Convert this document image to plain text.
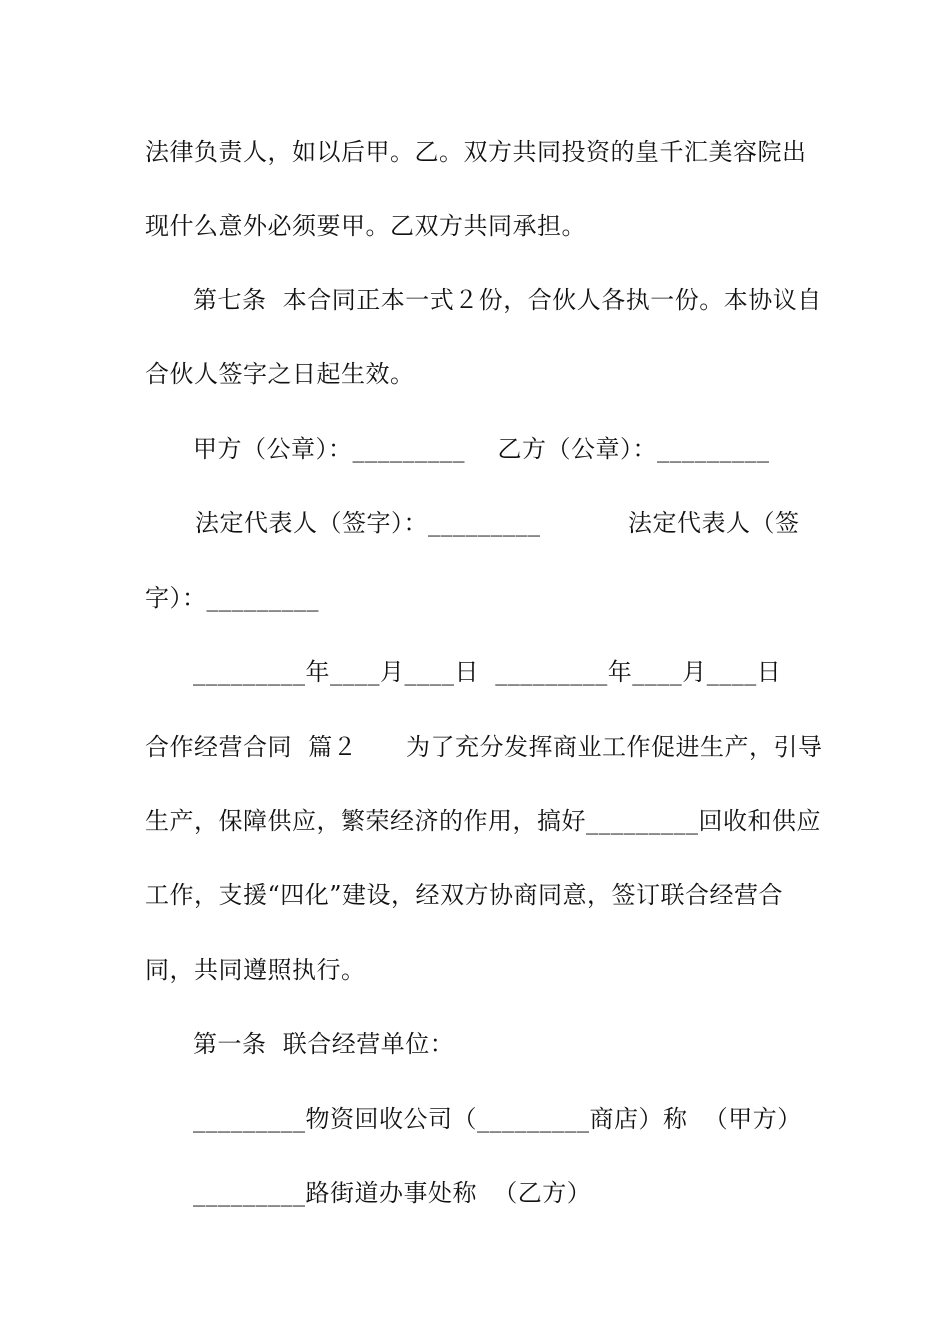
法律负责人，如以后甲。乙。双方共同投资的皇千汇美容院出
现什么意外必须要甲。乙双方共同承担。
第七条  本合同正本一式２份，合伙人各执一份。本协议自
合伙人签字之日起生效。
甲方（公章）：_________    乙方（公章）：_________
法定代表人（签字）：_________	法定代表人（签
字）：_________
_________年____月____日  _________年____月____日
合作经营合同  篇２      为了充分发挥商业工作促进生产，引导
生产，保障供应，繁荣经济的作用，搞好_________回收和供应
工作，支援“四化”建设，经双方协商同意，签订联合经营合
同，共同遵照执行。
第一条  联合经营单位：
_________物资回收公司（_________商店）称  （甲方）
_________路街道办事处称  （乙方）
